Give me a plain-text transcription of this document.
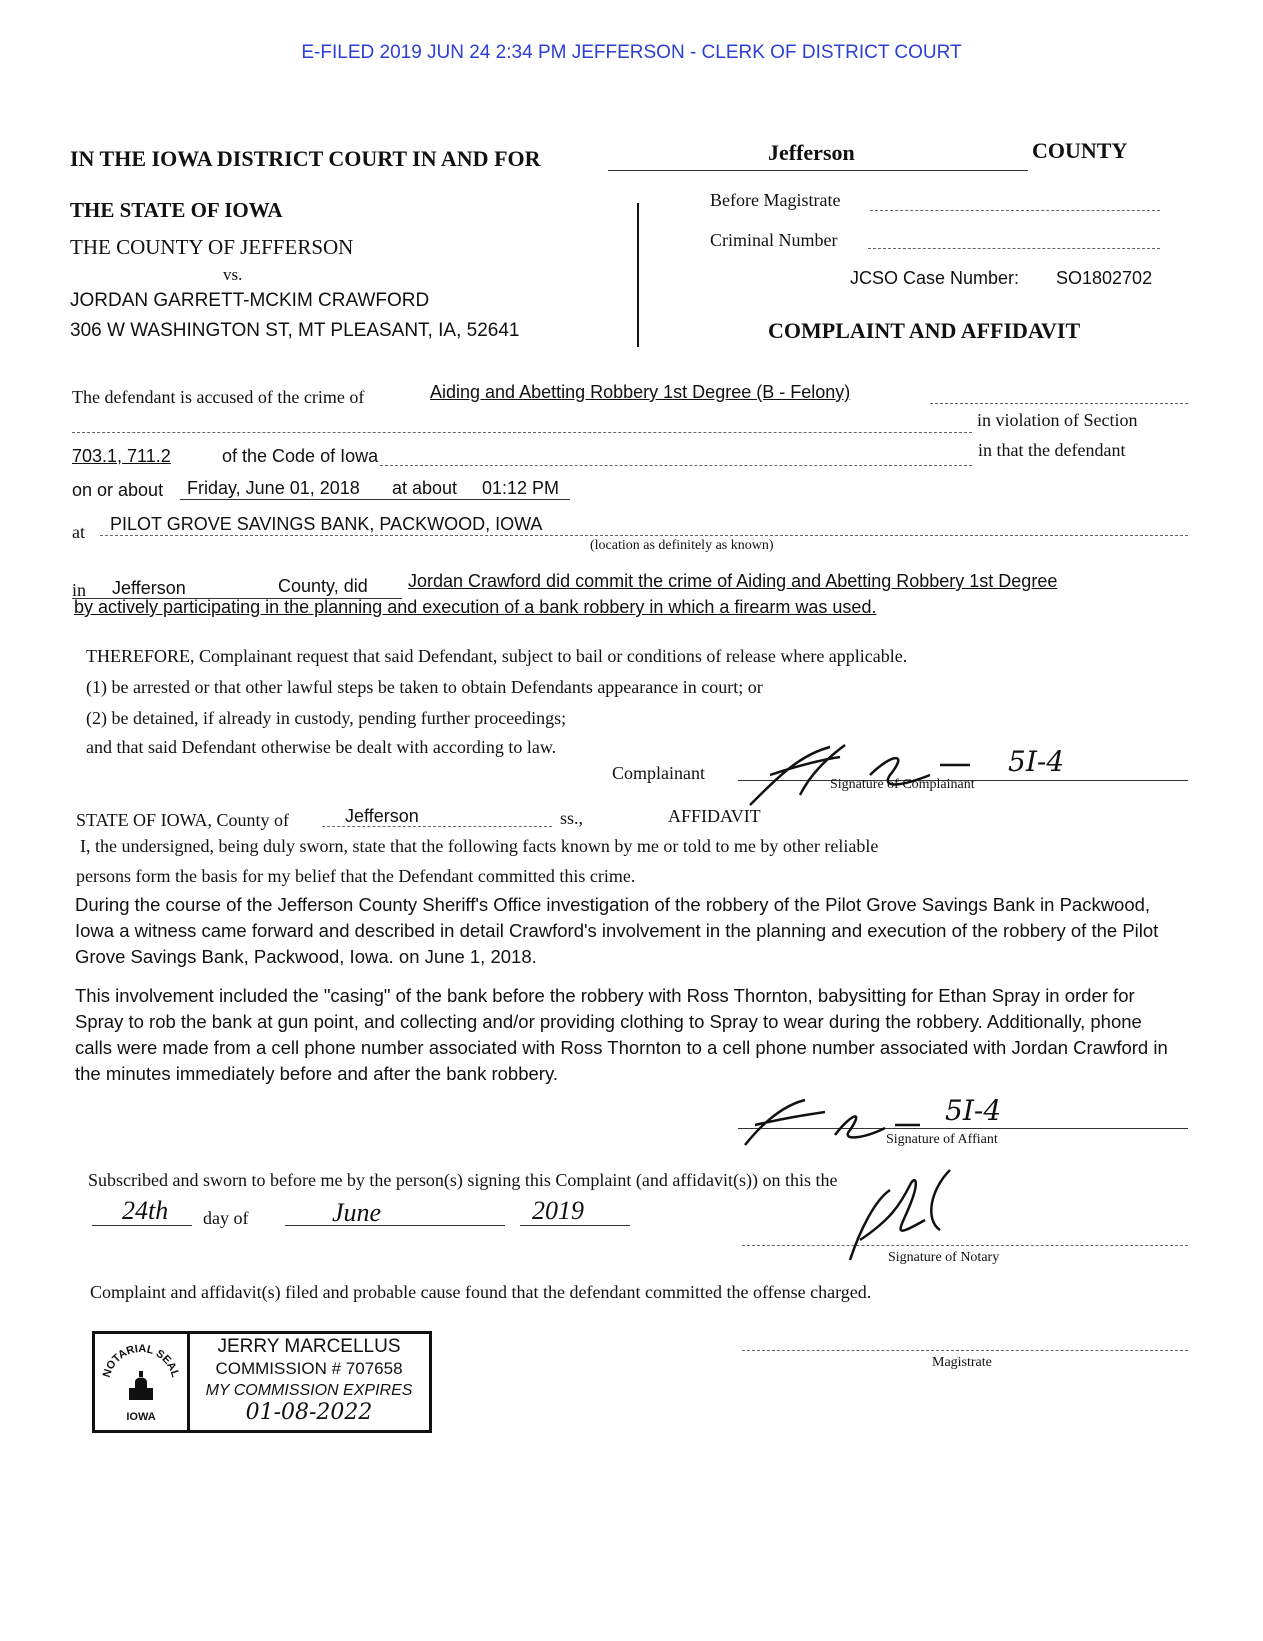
E-FILED 2019 JUN 24 2:34 PM JEFFERSON - CLERK OF DISTRICT COURT
IN THE IOWA DISTRICT COURT IN AND FOR	Jefferson	COUNTY
THE STATE OF IOWA
THE COUNTY OF JEFFERSON
vs.
JORDAN GARRETT-MCKIM CRAWFORD
306 W WASHINGTON ST, MT PLEASANT, IA, 52641
Before Magistrate
Criminal Number
JCSO Case Number: SO1802702
COMPLAINT AND AFFIDAVIT
The defendant is accused of the crime of	Aiding and Abetting Robbery 1st Degree (B - Felony)
in violation of Section
703.1, 711.2	of the Code of Iowa	in that the defendant
on or about Friday, June 01, 2018 at about 01:12 PM
at PILOT GROVE SAVINGS BANK, PACKWOOD, IOWA
(location as definitely as known)
in Jefferson	County, did Jordan Crawford did commit the crime of Aiding and Abetting Robbery 1st Degree
by actively participating in the planning and execution of a bank robbery in which a firearm was used.
THEREFORE, Complainant request that said Defendant, subject to bail or conditions of release where applicable.
(1) be arrested or that other lawful steps be taken to obtain Defendants appearance in court; or
(2) be detained, if already in custody, pending further proceedings;
and that said Defendant otherwise be dealt with according to law.
Complainant
Signature of Complainant
5I-4
STATE OF IOWA, County of	Jefferson	ss.,	AFFIDAVIT
I, the undersigned, being duly sworn, state that the following facts known by me or told to me by other reliable
persons form the basis for my belief that the Defendant committed this crime.
During the course of the Jefferson County Sheriff's Office investigation of the robbery of the Pilot Grove Savings Bank in Packwood, Iowa a witness came forward and described in detail Crawford's involvement in the planning and execution of the robbery of the Pilot Grove Savings Bank, Packwood, Iowa. on June 1, 2018.
This involvement included the "casing" of the bank before the robbery with Ross Thornton, babysitting for Ethan Spray in order for Spray to rob the bank at gun point, and collecting and/or providing clothing to Spray to wear during the robbery. Additionally, phone calls were made from a cell phone number associated with Ross Thornton to a cell phone number associated with Jordan Crawford in the minutes immediately before and after the bank robbery.
Signature of Affiant
5I-4
Subscribed and sworn to before me by the person(s) signing this Complaint (and affidavit(s)) on this the
24th day of	June	2019
Signature of Notary
Complaint and affidavit(s) filed and probable cause found that the defendant committed the offense charged.
NOTARIAL SEAL
IOWA
JERRY MARCELLUS
COMMISSION # 707658
MY COMMISSION EXPIRES
01-08-2022
Magistrate
